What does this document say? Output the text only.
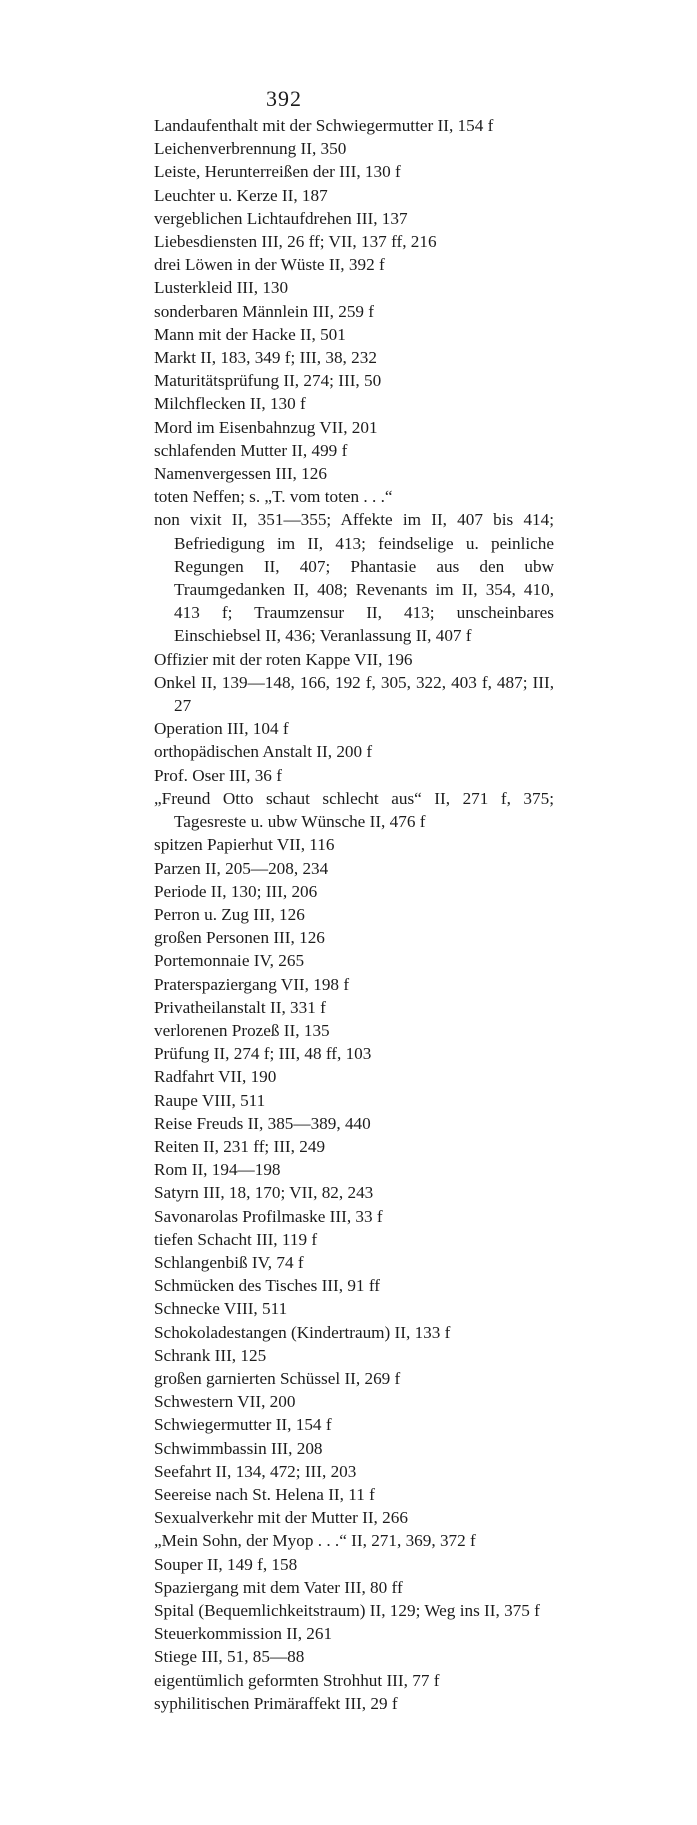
392
Landaufenthalt mit der Schwiegermutter II, 154 f
Leichenverbrennung II, 350
Leiste, Herunterreißen der III, 130 f
Leuchter u. Kerze II, 187
vergeblichen Lichtaufdrehen III, 137
Liebesdiensten III, 26 ff; VII, 137 ff, 216
drei Löwen in der Wüste II, 392 f
Lusterkleid III, 130
sonderbaren Männlein III, 259 f
Mann mit der Hacke II, 501
Markt II, 183, 349 f; III, 38, 232
Maturitätsprüfung II, 274; III, 50
Milchflecken II, 130 f
Mord im Eisenbahnzug VII, 201
schlafenden Mutter II, 499 f
Namenvergessen III, 126
toten Neffen; s. „T. vom toten . . .“
non vixit II, 351—355; Affekte im II, 407 bis 414; Befriedigung im II, 413; feindselige u. peinliche Regungen II, 407; Phantasie aus den ubw Traumgedanken II, 408; Revenants im II, 354, 410, 413 f; Traumzensur II, 413; unscheinbares Einschiebsel II, 436; Veranlassung II, 407 f
Offizier mit der roten Kappe VII, 196
Onkel II, 139—148, 166, 192 f, 305, 322, 403 f, 487; III, 27
Operation III, 104 f
orthopädischen Anstalt II, 200 f
Prof. Oser III, 36 f
„Freund Otto schaut schlecht aus“ II, 271 f, 375; Tagesreste u. ubw Wünsche II, 476 f
spitzen Papierhut VII, 116
Parzen II, 205—208, 234
Periode II, 130; III, 206
Perron u. Zug III, 126
großen Personen III, 126
Portemonnaie IV, 265
Praterspaziergang VII, 198 f
Privatheilanstalt II, 331 f
verlorenen Prozeß II, 135
Prüfung II, 274 f; III, 48 ff, 103
Radfahrt VII, 190
Raupe VIII, 511
Reise Freuds II, 385—389, 440
Reiten II, 231 ff; III, 249
Rom II, 194—198
Satyrn III, 18, 170; VII, 82, 243
Savonarolas Profilmaske III, 33 f
tiefen Schacht III, 119 f
Schlangenbiß IV, 74 f
Schmücken des Tisches III, 91 ff
Schnecke VIII, 511
Schokoladestangen (Kindertraum) II, 133 f
Schrank III, 125
großen garnierten Schüssel II, 269 f
Schwestern VII, 200
Schwiegermutter II, 154 f
Schwimmbassin III, 208
Seefahrt II, 134, 472; III, 203
Seereise nach St. Helena II, 11 f
Sexualverkehr mit der Mutter II, 266
„Mein Sohn, der Myop . . .“ II, 271, 369, 372 f
Souper II, 149 f, 158
Spaziergang mit dem Vater III, 80 ff
Spital (Bequemlichkeitstraum) II, 129; Weg ins II, 375 f
Steuerkommission II, 261
Stiege III, 51, 85—88
eigentümlich geformten Strohhut III, 77 f
syphilitischen Primäraffekt III, 29 f
